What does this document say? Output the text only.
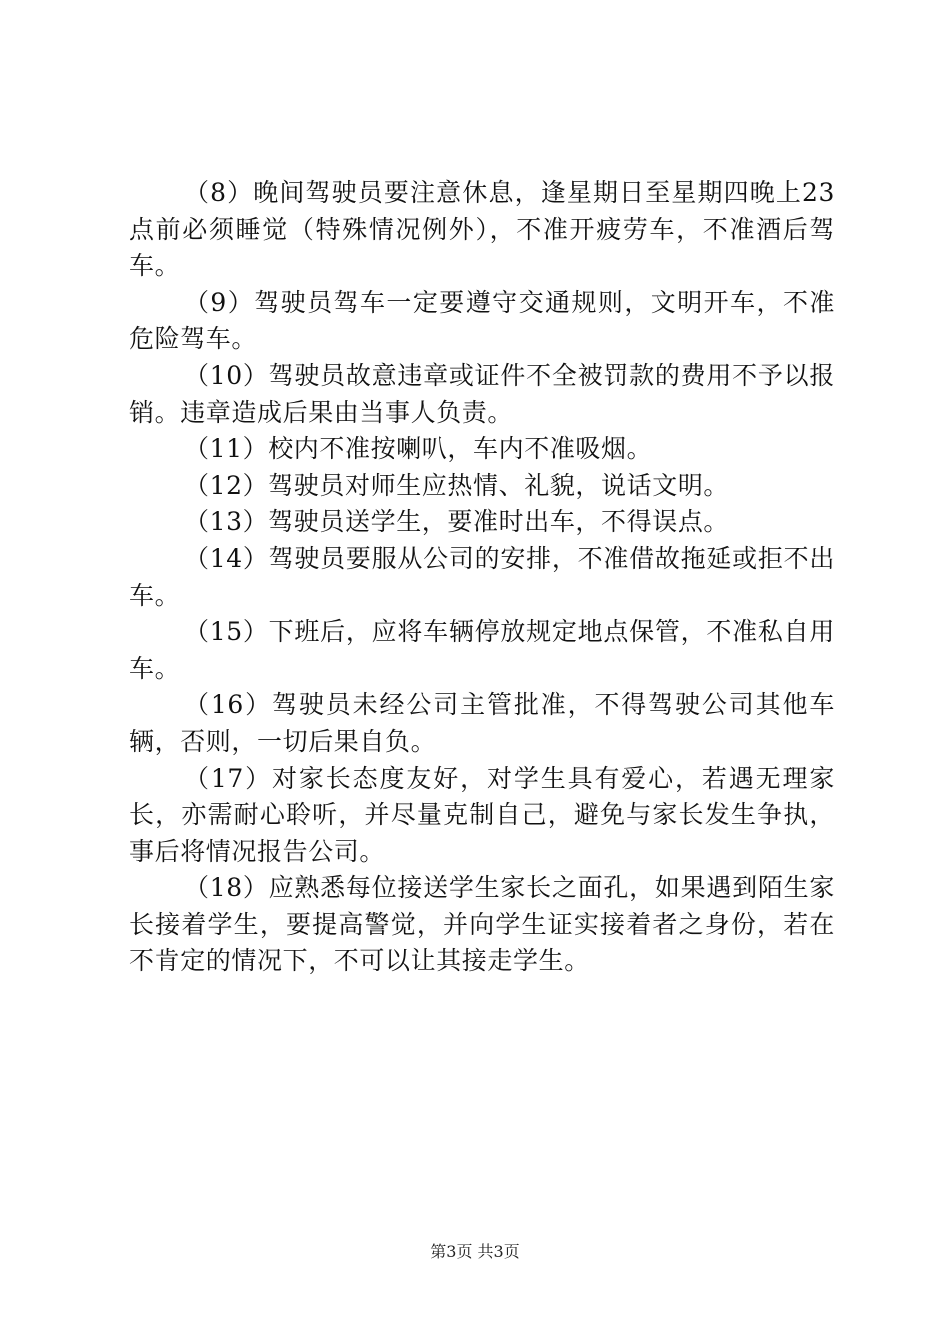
（8）晚间驾驶员要注意休息，逢星期日至星期四晚上23点前必须睡觉（特殊情况例外），不准开疲劳车，不准酒后驾车。

（9）驾驶员驾车一定要遵守交通规则，文明开车，不准危险驾车。

（10）驾驶员故意违章或证件不全被罚款的费用不予以报销。违章造成后果由当事人负责。

（11）校内不准按喇叭，车内不准吸烟。

（12）驾驶员对师生应热情、礼貌，说话文明。

（13）驾驶员送学生，要准时出车，不得误点。

（14）驾驶员要服从公司的安排，不准借故拖延或拒不出车。

（15）下班后，应将车辆停放规定地点保管，不准私自用车。

（16）驾驶员未经公司主管批准，不得驾驶公司其他车辆，否则，一切后果自负。

（17）对家长态度友好，对学生具有爱心，若遇无理家长，亦需耐心聆听，并尽量克制自己，避免与家长发生争执，事后将情况报告公司。

（18）应熟悉每位接送学生家长之面孔，如果遇到陌生家长接着学生，要提高警觉，并向学生证实接着者之身份，若在不肯定的情况下，不可以让其接走学生。

第3页 共3页
